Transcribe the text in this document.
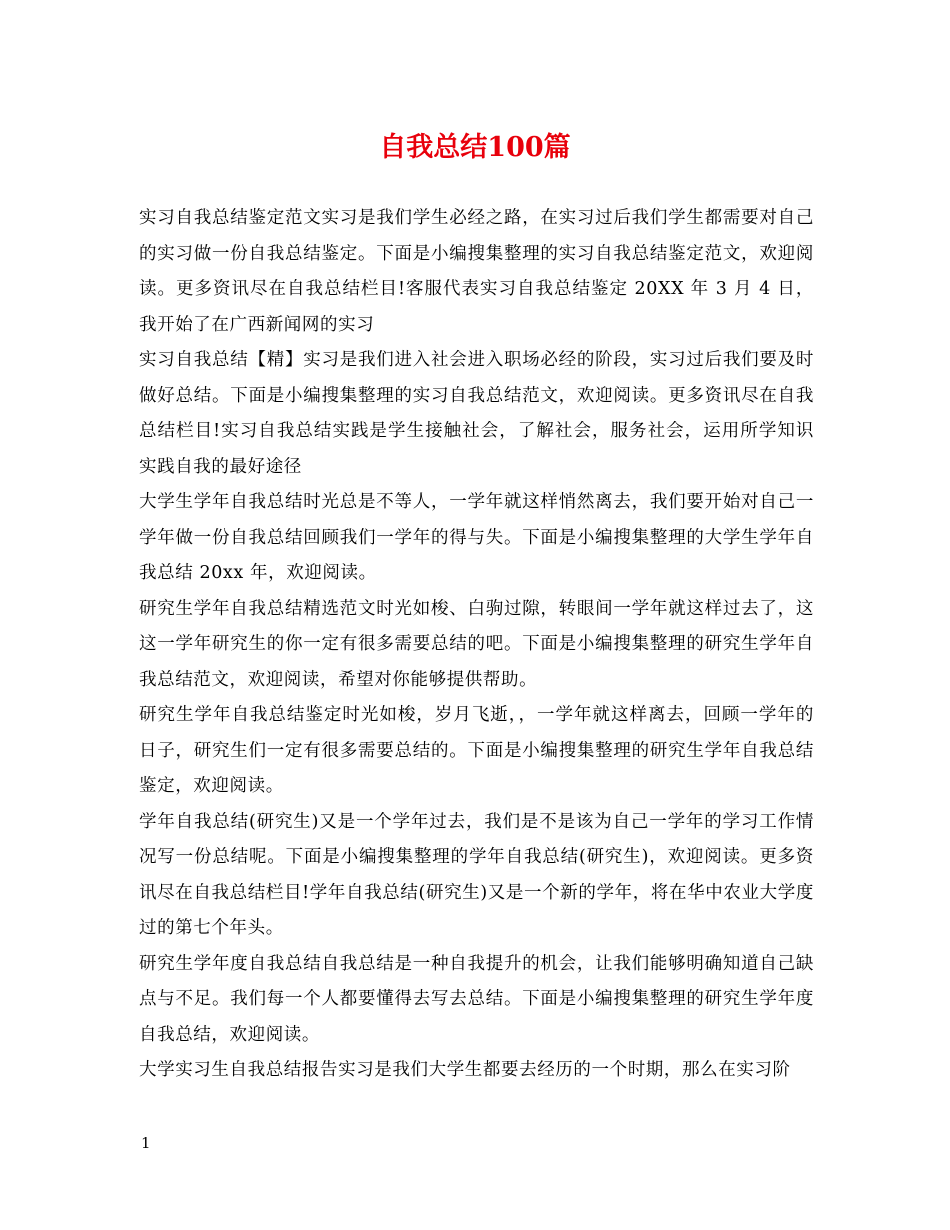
自我总结100篇

实习自我总结鉴定范文实习是我们学生必经之路，在实习过后我们学生都需要对自己的实习做一份自我总结鉴定。下面是小编搜集整理的实习自我总结鉴定范文，欢迎阅读。更多资讯尽在自我总结栏目!客服代表实习自我总结鉴定 20XX 年 3 月 4 日，我开始了在广西新闻网的实习

实习自我总结【精】实习是我们进入社会进入职场必经的阶段，实习过后我们要及时做好总结。下面是小编搜集整理的实习自我总结范文，欢迎阅读。更多资讯尽在自我总结栏目!实习自我总结实践是学生接触社会，了解社会，服务社会，运用所学知识实践自我的最好途径

大学生学年自我总结时光总是不等人，一学年就这样悄然离去，我们要开始对自己一学年做一份自我总结回顾我们一学年的得与失。下面是小编搜集整理的大学生学年自我总结 20xx 年，欢迎阅读。

研究生学年自我总结精选范文时光如梭、白驹过隙，转眼间一学年就这样过去了，这这一学年研究生的你一定有很多需要总结的吧。下面是小编搜集整理的研究生学年自我总结范文，欢迎阅读，希望对你能够提供帮助。

研究生学年自我总结鉴定时光如梭，岁月飞逝，，一学年就这样离去，回顾一学年的日子，研究生们一定有很多需要总结的。下面是小编搜集整理的研究生学年自我总结鉴定，欢迎阅读。

学年自我总结(研究生)又是一个学年过去，我们是不是该为自己一学年的学习工作情况写一份总结呢。下面是小编搜集整理的学年自我总结(研究生)，欢迎阅读。更多资讯尽在自我总结栏目!学年自我总结(研究生)又是一个新的学年，将在华中农业大学度过的第七个年头。

研究生学年度自我总结自我总结是一种自我提升的机会，让我们能够明确知道自己缺点与不足。我们每一个人都要懂得去写去总结。下面是小编搜集整理的研究生学年度自我总结，欢迎阅读。

大学实习生自我总结报告实习是我们大学生都要去经历的一个时期，那么在实习阶

1
